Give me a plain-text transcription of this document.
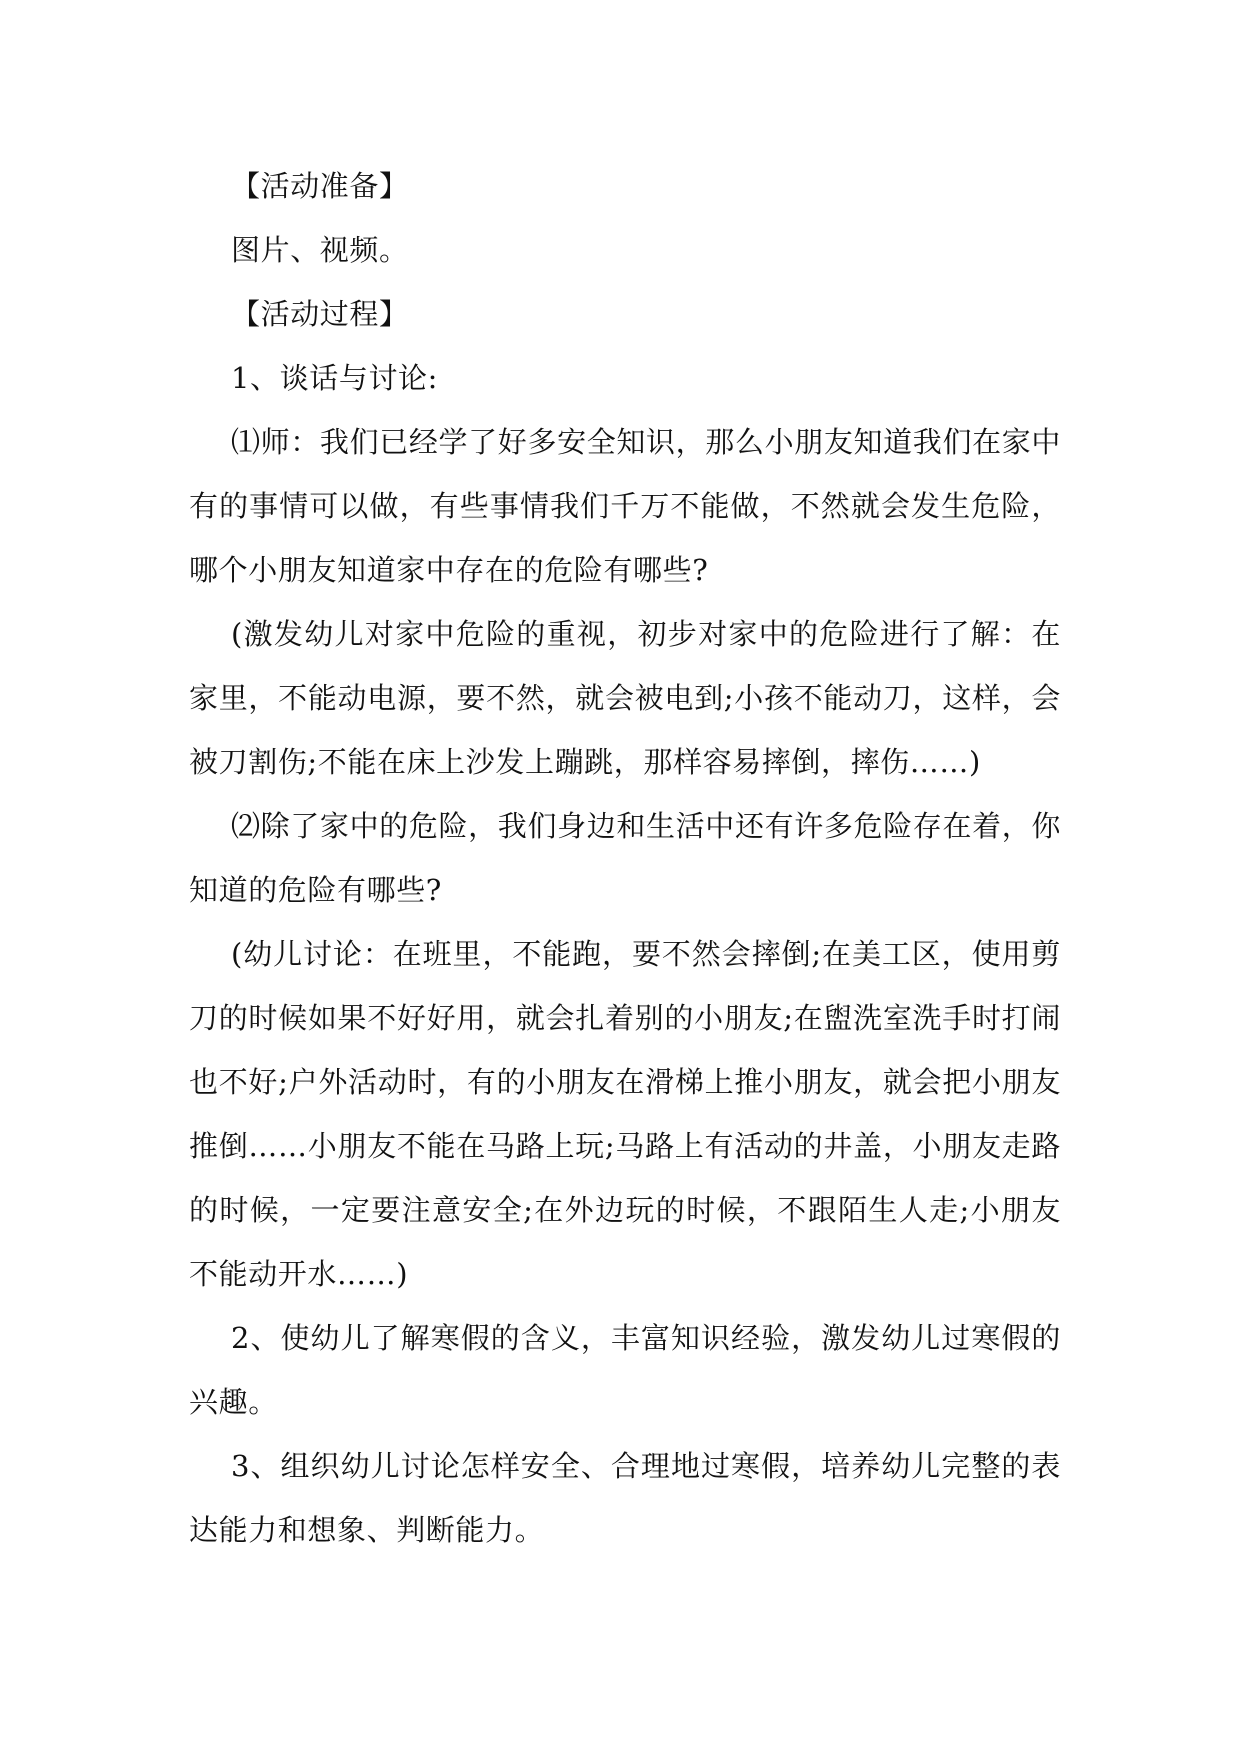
【活动准备】

图片、视频。

【活动过程】

1、谈话与讨论:

⑴师：我们已经学了好多安全知识，那么小朋友知道我们在家中有的事情可以做，有些事情我们千万不能做，不然就会发生危险，哪个小朋友知道家中存在的危险有哪些?

(激发幼儿对家中危险的重视，初步对家中的危险进行了解：在家里，不能动电源，要不然，就会被电到;小孩不能动刀，这样，会被刀割伤;不能在床上沙发上蹦跳，那样容易摔倒，摔伤……)

⑵除了家中的危险，我们身边和生活中还有许多危险存在着，你知道的危险有哪些?

(幼儿讨论：在班里，不能跑，要不然会摔倒;在美工区，使用剪刀的时候如果不好好用，就会扎着别的小朋友;在盥洗室洗手时打闹也不好;户外活动时，有的小朋友在滑梯上推小朋友，就会把小朋友推倒……小朋友不能在马路上玩;马路上有活动的井盖，小朋友走路的时候，一定要注意安全;在外边玩的时候，不跟陌生人走;小朋友不能动开水……)

2、使幼儿了解寒假的含义，丰富知识经验，激发幼儿过寒假的兴趣。

3、组织幼儿讨论怎样安全、合理地过寒假，培养幼儿完整的表达能力和想象、判断能力。
